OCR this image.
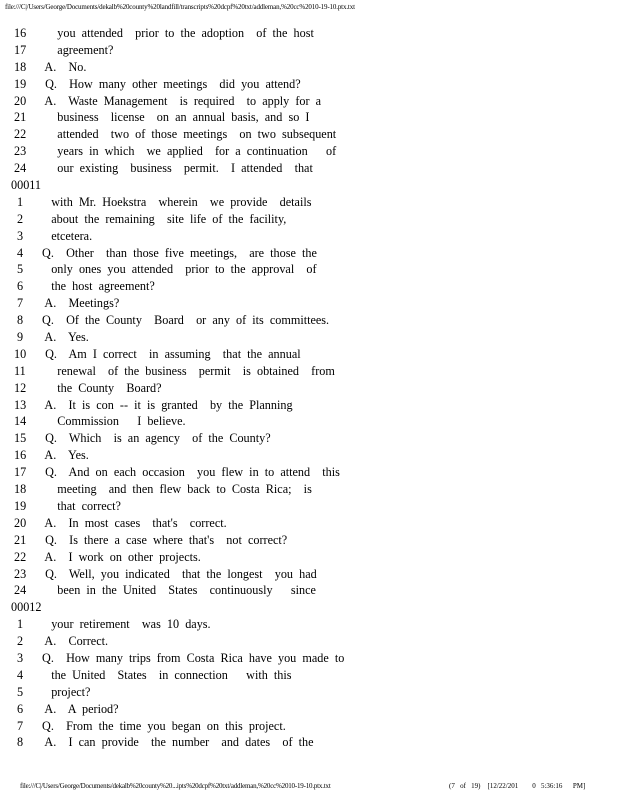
file:///C|/Users/George/Documents/dekalb%20county%20landfill/transcripts%20dcpf%20txt/addleman,%20cc%2010-19-10.ptx.txt
16 you  attended    prior  to  the  adoption    of  the  host
17 agreement?
18 A.    No.
19 Q.    How  many  other  meetings    did  you  attend?
20 A.    Waste  Management    is  required    to  apply  for  a
21 business    license    on  an  annual  basis,  and  so  I
22 attended    two  of  those  meetings    on  two  subsequent
23 years  in  which    we  applied    for  a  continuation      of
24 our  existing    business    permit.    I  attended    that
00011
1	with  Mr.  Hoekstra    wherein    we  provide    details
2	about  the  remaining    site  life  of  the  facility,
3	etcetera.
4	Q.    Other    than  those  five  meetings,    are  those  the
5	only  ones  you  attended    prior  to  the  approval    of
6	the  host  agreement?
7	A.    Meetings?
8	Q.    Of  the  County    Board    or  any  of  its  committees.
9	A.    Yes.
10 Q.    Am  I  correct    in  assuming    that  the  annual
11 renewal    of  the  business    permit    is  obtained    from
12 the  County    Board?
13 A.    It  is  con  --  it  is  granted    by  the  Planning
14 Commission      I  believe.
15 Q.    Which    is  an  agency    of  the  County?
16 A.    Yes.
17 Q.    And  on  each  occasion    you  flew  in  to  attend    this
18 meeting    and  then  flew  back  to  Costa  Rica;    is
19 that  correct?
20 A.    In  most  cases    that's    correct.
21 Q.    Is  there  a  case  where  that's    not  correct?
22 A.    I  work  on  other  projects.
23 Q.    Well,  you  indicated    that  the  longest    you  had
24 been  in  the  United    States    continuously      since
00012
1	your  retirement    was  10  days.
2	A.    Correct.
3	Q.    How  many  trips  from  Costa  Rica  have  you  made  to
4	the  United    States    in  connection      with  this
5	project?
6	A.    A  period?
7	Q.    From  the  time  you  began  on  this  project.
8	A.    I  can  provide    the  number    and  dates    of  the
file:///C|/Users/George/Documents/dekalb%20county%20...ipts%20dcpf%20txt/addleman,%20cc%2010-19-10.ptx.txt	(7   of   19)    [12/22/201        0   5:36:16      PM]
